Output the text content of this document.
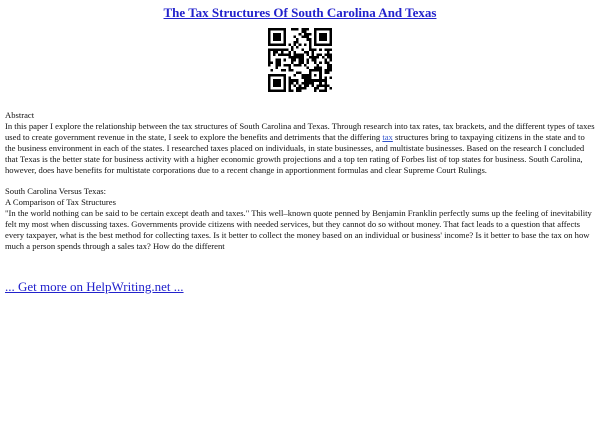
The Tax Structures Of South Carolina And Texas

Abstract

In this paper I explore the relationship between the tax structures of South Carolina and Texas. Through research into tax rates, tax brackets, and the different types of taxes used to create government revenue in the state, I seek to explore the benefits and detriments that the differing tax structures bring to taxpaying citizens in the state and to the business environment in each of the states. I researched taxes placed on individuals, in state businesses, and multistate businesses. Based on the research I concluded that Texas is the better state for business activity with a higher economic growth projections and a top ten rating of Forbes list of top states for business. South Carolina, however, does have benefits for multistate corporations due to a recent change in apportionment formulas and clear Supreme Court Rulings.

South Carolina Versus Texas:

A Comparison of Tax Structures

"In the world nothing can be said to be certain except death and taxes." This well–known quote penned by Benjamin Franklin perfectly sums up the feeling of inevitability felt my most when discussing taxes. Governments provide citizens with needed services, but they cannot do so without money. That fact leads to a question that affects every taxpayer, what is the best method for collecting taxes. Is it better to collect the money based on an individual or business' income? Is it better to base the tax on how much a person spends through a sales tax? How do the different

... Get more on HelpWriting.net ...
